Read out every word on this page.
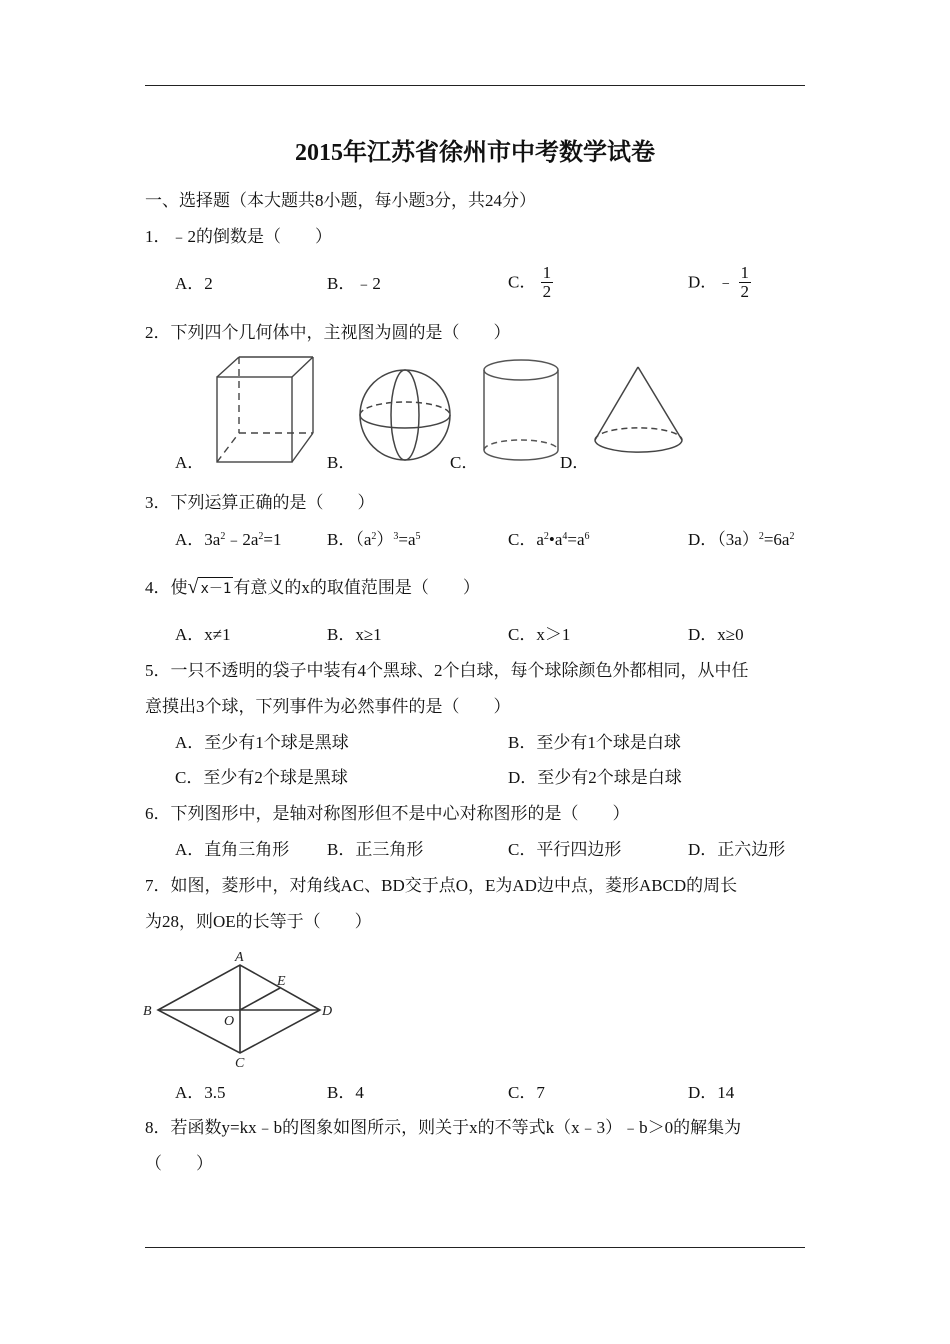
2015年江苏省徐州市中考数学试卷
一、选择题（本大题共8小题，每小题3分，共24分）
1．﹣2的倒数是（　　）
A．2	B．﹣2	C． $\frac{1}{2}$	D．﹣ $\frac{1}{2}$
2．下列四个几何体中，主视图为圆的是（　　）
A．	B．	C．	D．
3．下列运算正确的是（　　）
A．$3a^2﹣2a^2=1$	B．$(a^2)^3=a^5$	C．$a^2•a^4=a^6$	D．$(3a)^2=6a^2$
4．使√ x－1 有意义的x的取值范围是（　　）
A．x≠1	B．x≥1	C．x＞1	D．x≥0
5．一只不透明的袋子中装有4个黑球、2个白球，每个球除颜色外都相同，从中任
意摸出3个球，下列事件为必然事件的是（　　）
A．至少有1个球是黑球	B．至少有1个球是白球
C．至少有2个球是黑球	D．至少有2个球是白球
6．下列图形中，是轴对称图形但不是中心对称图形的是（　　）
A．直角三角形 B．正三角形	C．平行四边形	D．正六边形
7．如图，菱形中，对角线AC、BD交于点O，E为AD边中点，菱形ABCD的周长
为28，则OE的长等于（　　）
A
B
C
D
E
O
A．3.5	B．4	C．7	D．14
8．若函数y=kx﹣b的图象如图所示，则关于x的不等式k（x﹣3）﹣b＞0的解集为
（　　）
